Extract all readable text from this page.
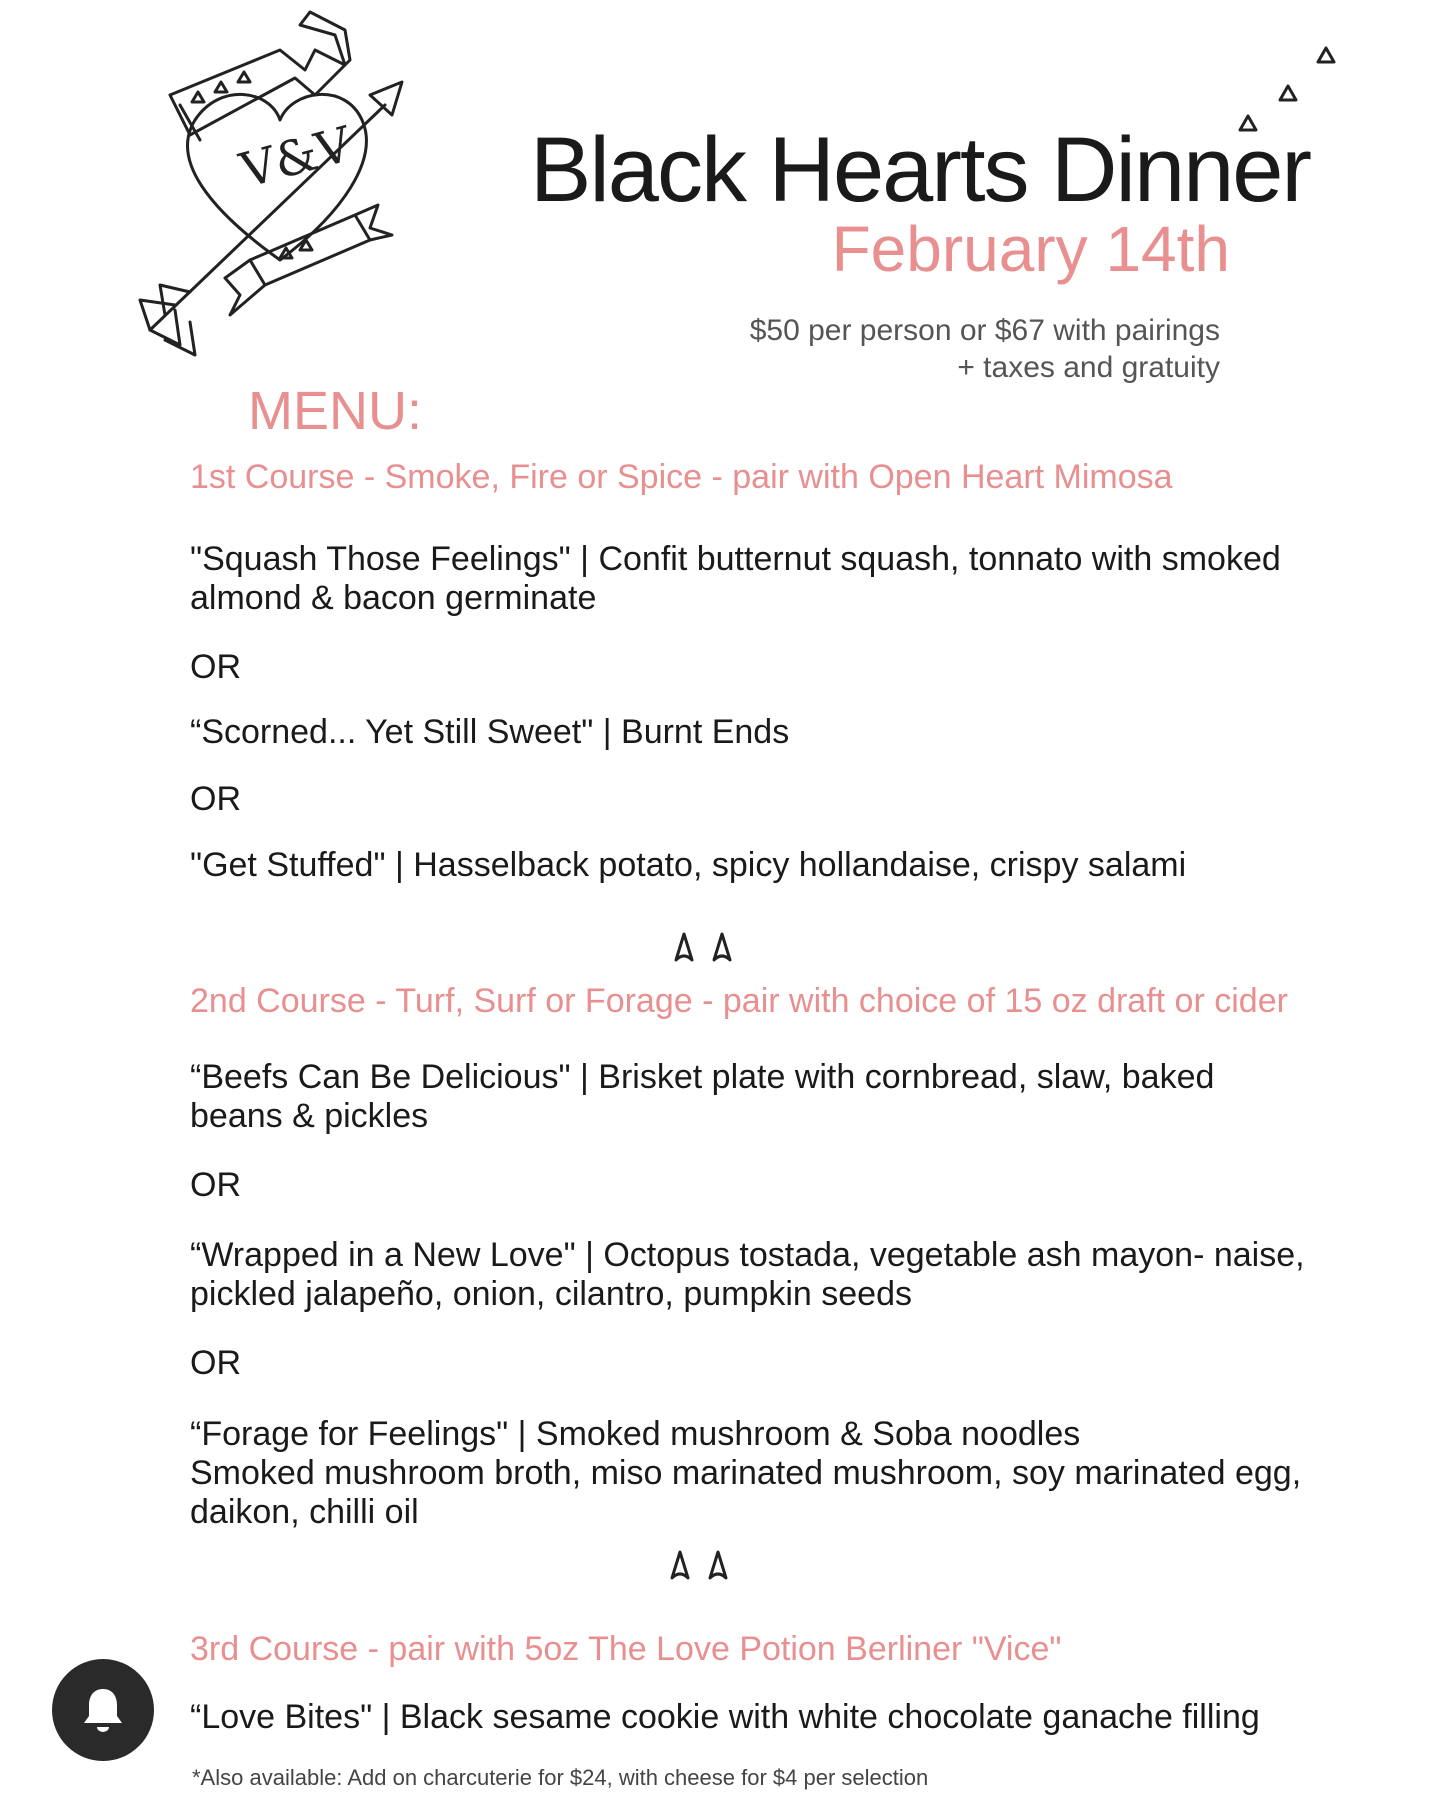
V&V Black Hearts Dinner
February 14th
$50 per person or $67 with pairings
+ taxes and gratuity
MENU:
1st Course - Smoke, Fire or Spice - pair with Open Heart Mimosa
"Squash Those Feelings" | Confit butternut squash, tonnato with smoked almond & bacon germinate
OR
“Scorned... Yet Still Sweet" | Burnt Ends
OR
"Get Stuffed" | Hasselback potato, spicy hollandaise, crispy salami
2nd Course - Turf, Surf or Forage - pair with choice of 15 oz draft or cider
“Beefs Can Be Delicious" | Brisket plate with cornbread, slaw, baked beans & pickles
OR
“Wrapped in a New Love" | Octopus tostada, vegetable ash mayon- naise, pickled jalapeño, onion, cilantro, pumpkin seeds
OR
“Forage for Feelings" | Smoked mushroom & Soba noodles
Smoked mushroom broth, miso marinated mushroom, soy marinated egg, daikon, chilli oil
3rd Course - pair with 5oz The Love Potion Berliner "Vice"
“Love Bites" | Black sesame cookie with white chocolate ganache filling
*Also available: Add on charcuterie for $24, with cheese for $4 per selection
